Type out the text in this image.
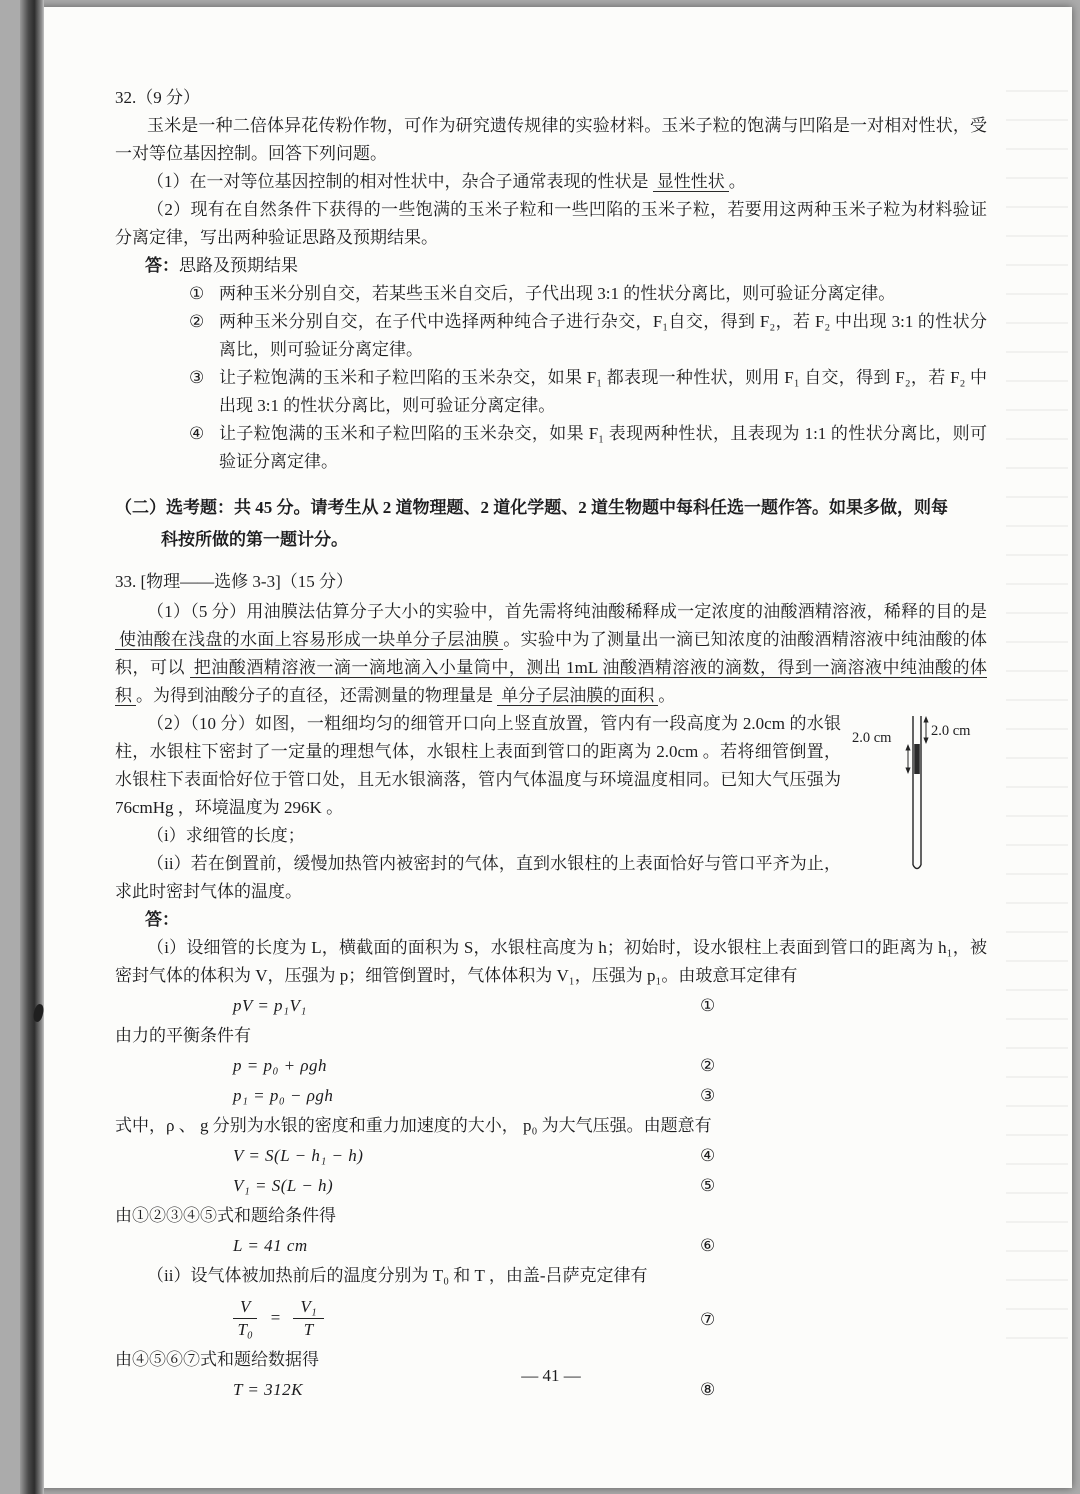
32.（9 分）

玉米是一种二倍体异花传粉作物，可作为研究遗传规律的实验材料。玉米子粒的饱满与凹陷是一对相对性状，受一对等位基因控制。回答下列问题。

（1）在一对等位基因控制的相对性状中，杂合子通常表现的性状是 显性性状 。

（2）现有在自然条件下获得的一些饱满的玉米子粒和一些凹陷的玉米子粒，若要用这两种玉米子粒为材料验证分离定律，写出两种验证思路及预期结果。

答：思路及预期结果

① 两种玉米分别自交，若某些玉米自交后，子代出现 3:1 的性状分离比，则可验证分离定律。
② 两种玉米分别自交，在子代中选择两种纯合子进行杂交，F₁自交，得到 F₂，若 F₂ 中出现 3:1 的性状分离比，则可验证分离定律。
③ 让子粒饱满的玉米和子粒凹陷的玉米杂交，如果 F₁ 都表现一种性状，则用 F₁ 自交，得到 F₂，若 F₂ 中出现 3:1 的性状分离比，则可验证分离定律。
④ 让子粒饱满的玉米和子粒凹陷的玉米杂交，如果 F₁ 表现两种性状，且表现为 1:1 的性状分离比，则可验证分离定律。

（二）选考题：共 45 分。请考生从 2 道物理题、2 道化学题、2 道生物题中每科任选一题作答。如果多做，则每

科按所做的第一题计分。

33. [物理——选修 3-3]（15 分）

（1）（5 分）用油膜法估算分子大小的实验中，首先需将纯油酸稀释成一定浓度的油酸酒精溶液，稀释的目的是 使油酸在浅盘的水面上容易形成一块单分子层油膜 。实验中为了测量出一滴已知浓度的油酸酒精溶液中纯油酸的体积，可以 把油酸酒精溶液一滴一滴地滴入小量筒中，测出 1mL 油酸酒精溶液的滴数，得到一滴溶液中纯油酸的体积 。为得到油酸分子的直径，还需测量的物理量是 单分子层油膜的面积 。

2.0 cm	2.0 cm

（2）（10 分）如图，一粗细均匀的细管开口向上竖直放置，管内有一段高度为 2.0cm 的水银柱，水银柱下密封了一定量的理想气体，水银柱上表面到管口的距离为 2.0cm 。若将细管倒置，水银柱下表面恰好位于管口处，且无水银滴落，管内气体温度与环境温度相同。已知大气压强为 76cmHg ，环境温度为 296K 。

（i）求细管的长度；

（ii）若在倒置前，缓慢加热管内被密封的气体，直到水银柱的上表面恰好与管口平齐为止，求此时密封气体的温度。

答：

（i）设细管的长度为 L，横截面的面积为 S，水银柱高度为 h；初始时，设水银柱上表面到管口的距离为 h₁，被密封气体的体积为 V，压强为 p；细管倒置时，气体体积为 V₁，压强为 p₁。由玻意耳定律有

pV = p₁V₁	①

由力的平衡条件有

p = p₀ + ρgh	②
p₁ = p₀ − ρgh	③

式中，ρ 、 g 分别为水银的密度和重力加速度的大小， p₀ 为大气压强。由题意有

V = S(L − h₁ − h)	④
V₁ = S(L − h)	⑤

由①②③④⑤式和题给条件得

L = 41 cm	⑥

（ii）设气体被加热前后的温度分别为 T₀ 和 T ，由盖-吕萨克定律有

$\frac{V}{\text{T₀}} = \frac{\text{V₁}}{T}$	⑦

由④⑤⑥⑦式和题给数据得

T = 312K	⑧
— 41 —
